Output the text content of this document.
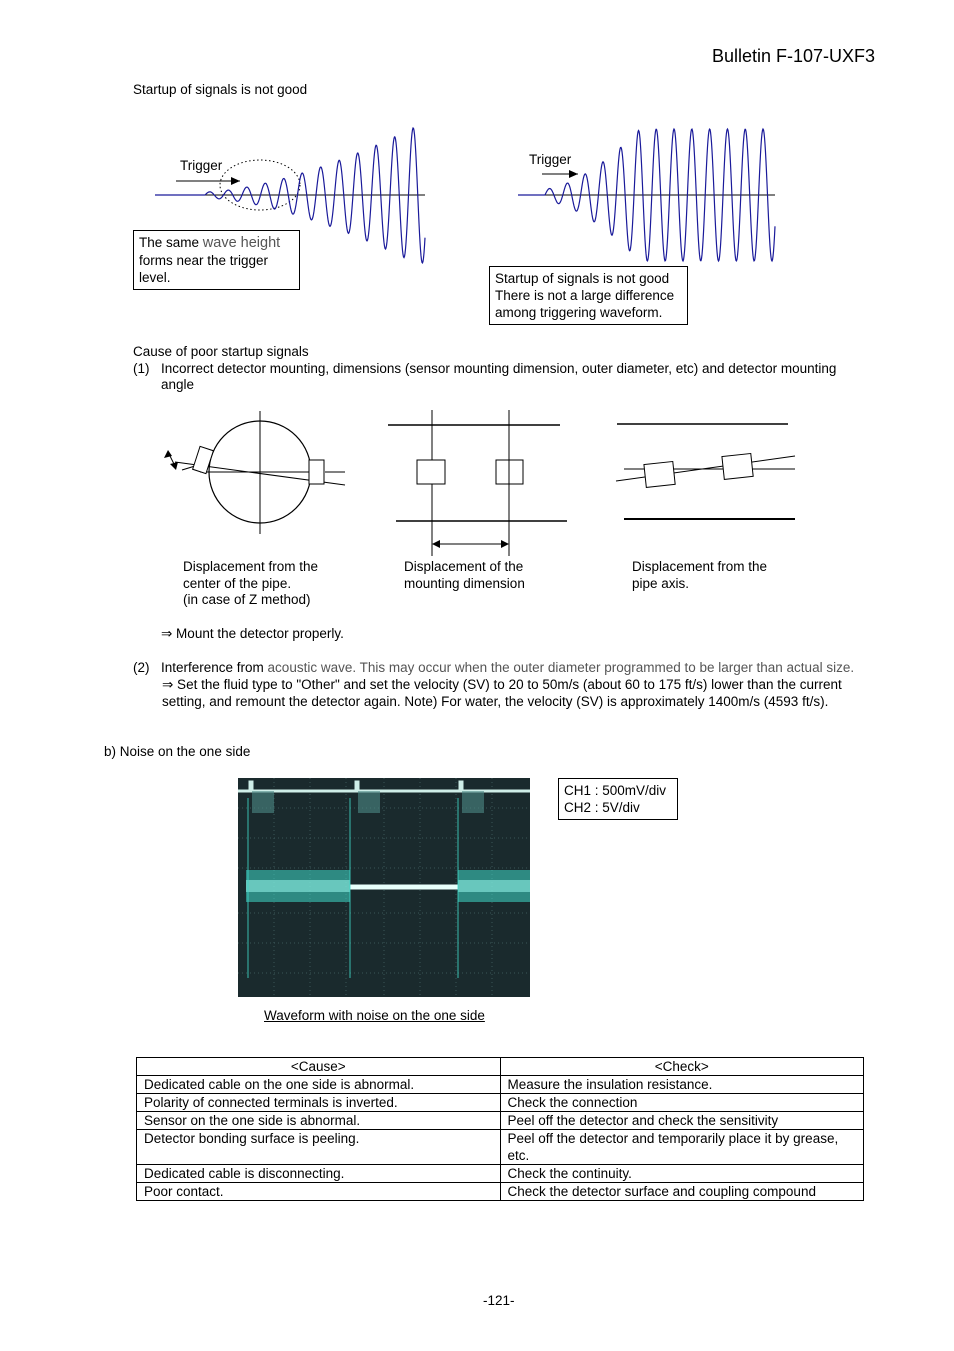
Bulletin F-107-UXF3
Startup of signals is not good
Trigger
The same wave height
forms near the trigger
level.
Trigger
Startup of signals is not good
There is not a large difference
among triggering waveform.
Cause of poor startup signals
(1) Incorrect detector mounting, dimensions (sensor mounting dimension, outer diameter, etc) and detector mounting
angle
Displacement from the
center of the pipe.
(in case of Z method)
Displacement of the
mounting dimension
Displacement from the
pipe axis.
⇒ Mount the detector properly.
(2) Interference from acoustic wave. This may occur when the outer diameter programmed to be larger than actual size.
⇒ Set the fluid type to "Other" and set the velocity (SV) to 20 to 50m/s (about 60 to 175 ft/s) lower than the current
setting, and remount the detector again. Note) For water, the velocity (SV) is approximately 1400m/s (4593 ft/s).
b) Noise on the one side
CH1 : 500mV/div
CH2 : 5V/div
Waveform with noise on the one side
<Cause>	<Check>
Dedicated cable on the one side is abnormal.	Measure the insulation resistance.
Polarity of connected terminals is inverted.	Check the connection
Sensor on the one side is abnormal.	Peel off the detector and check the sensitivity
Detector bonding surface is peeling.	Peel off the detector and temporarily place it by grease, etc.
Dedicated cable is disconnecting.	Check the continuity.
Poor contact.	Check the detector surface and coupling compound
-121-
